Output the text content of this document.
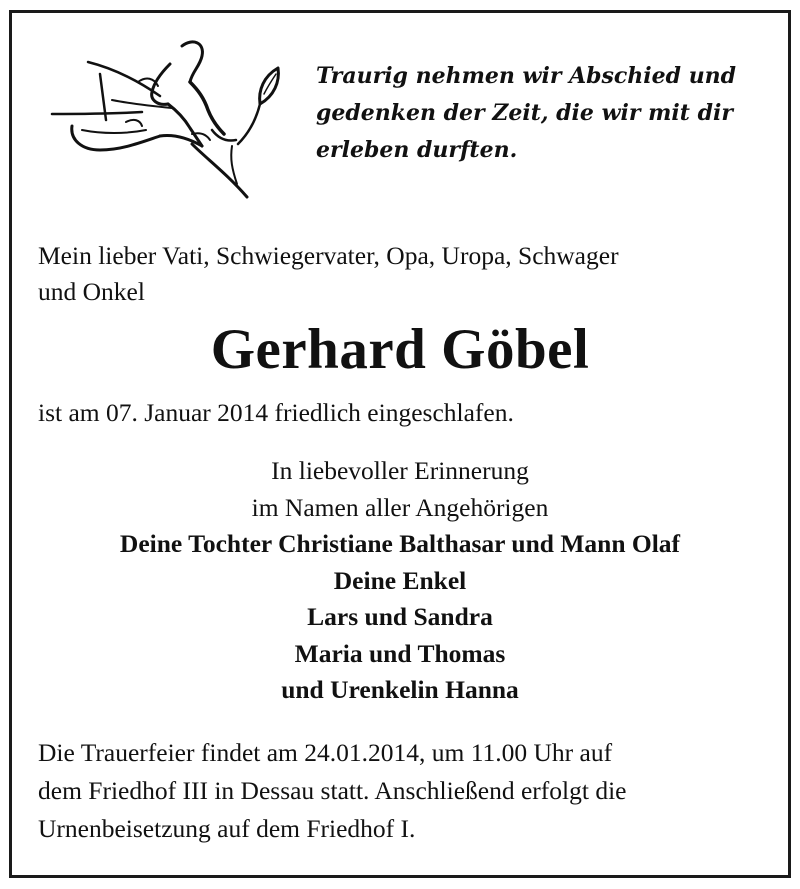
Traurig nehmen wir Abschied und
gedenken der Zeit, die wir mit dir
erleben durften.
Mein lieber Vati, Schwiegervater, Opa, Uropa, Schwager
und Onkel
Gerhard Göbel
ist am 07. Januar 2014 friedlich eingeschlafen.
In liebevoller Erinnerung
im Namen aller Angehörigen
Deine Tochter Christiane Balthasar und Mann Olaf
Deine Enkel
Lars und Sandra
Maria und Thomas
und Urenkelin Hanna
Die Trauerfeier findet am 24.01.2014, um 11.00 Uhr auf
dem Friedhof III in Dessau statt. Anschließend erfolgt die
Urnenbeisetzung auf dem Friedhof I.
